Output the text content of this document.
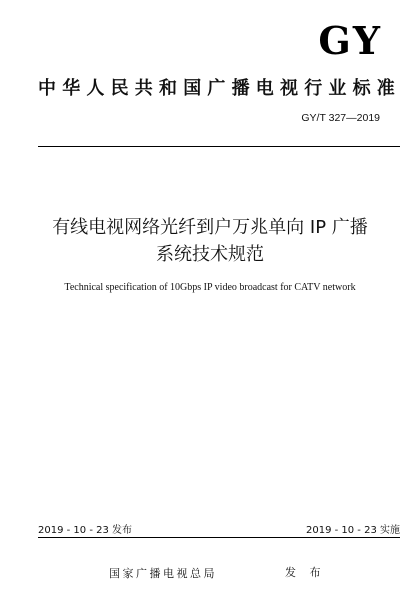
GY
中华人民共和国广播电视行业标准
GY/T 327—2019
有线电视网络光纤到户万兆单向 IP 广播
系统技术规范
Technical specification of 10Gbps IP video broadcast for CATV network
2019 - 10 - 23 发布	2019 - 10 - 23 实施
国家广播电视总局	发 布
